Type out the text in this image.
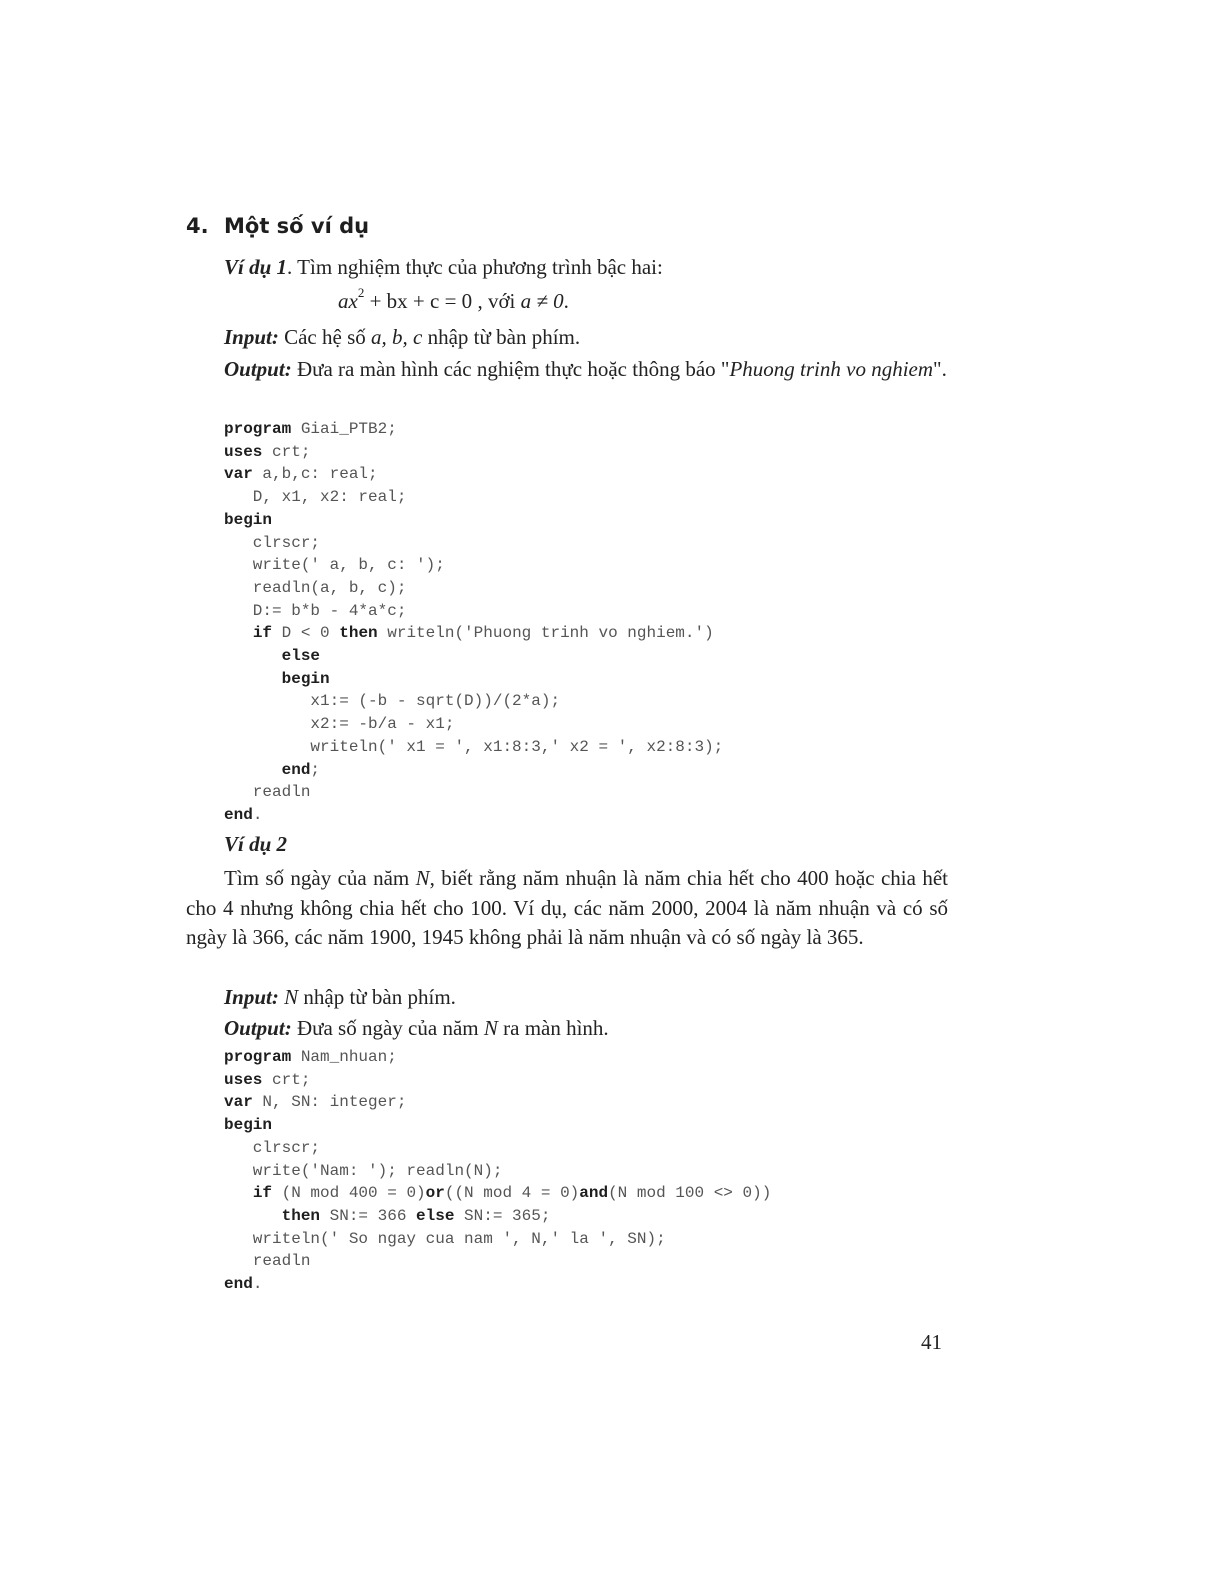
4. Một số ví dụ
Ví dụ 1. Tìm nghiệm thực của phương trình bậc hai:
$ax^2$ + bx + c = 0 , với a ≠ 0.
Input: Các hệ số a, b, c nhập từ bàn phím.
Output: Đưa ra màn hình các nghiệm thực hoặc thông báo "Phuong trinh vo nghiem".
program Giai_PTB2;
uses crt;
var a,b,c: real;
D, x1, x2: real;
begin
clrscr;
write(' a, b, c: ');
readln(a, b, c);
D:= b*b - 4*a*c;
if D < 0 then writeln('Phuong trinh vo nghiem.')
else
begin
x1:= (-b - sqrt(D))/(2*a);
x2:= -b/a - x1;
writeln(' x1 = ', x1:8:3,' x2 = ', x2:8:3);
end;
readln
end.
Ví dụ 2
Tìm số ngày của năm N, biết rằng năm nhuận là năm chia hết cho 400 hoặc chia hết cho 4 nhưng không chia hết cho 100. Ví dụ, các năm 2000, 2004 là năm nhuận và có số ngày là 366, các năm 1900, 1945 không phải là năm nhuận và có số ngày là 365.
Input: N nhập từ bàn phím.
Output: Đưa số ngày của năm N ra màn hình.
program Nam_nhuan;
uses crt;
var N, SN: integer;
begin
clrscr;
write('Nam: '); readln(N);
if (N mod 400 = 0)or((N mod 4 = 0)and(N mod 100 <> 0))
then SN:= 366 else SN:= 365;
writeln(' So ngay cua nam ', N,' la ', SN);
readln
end.
41
